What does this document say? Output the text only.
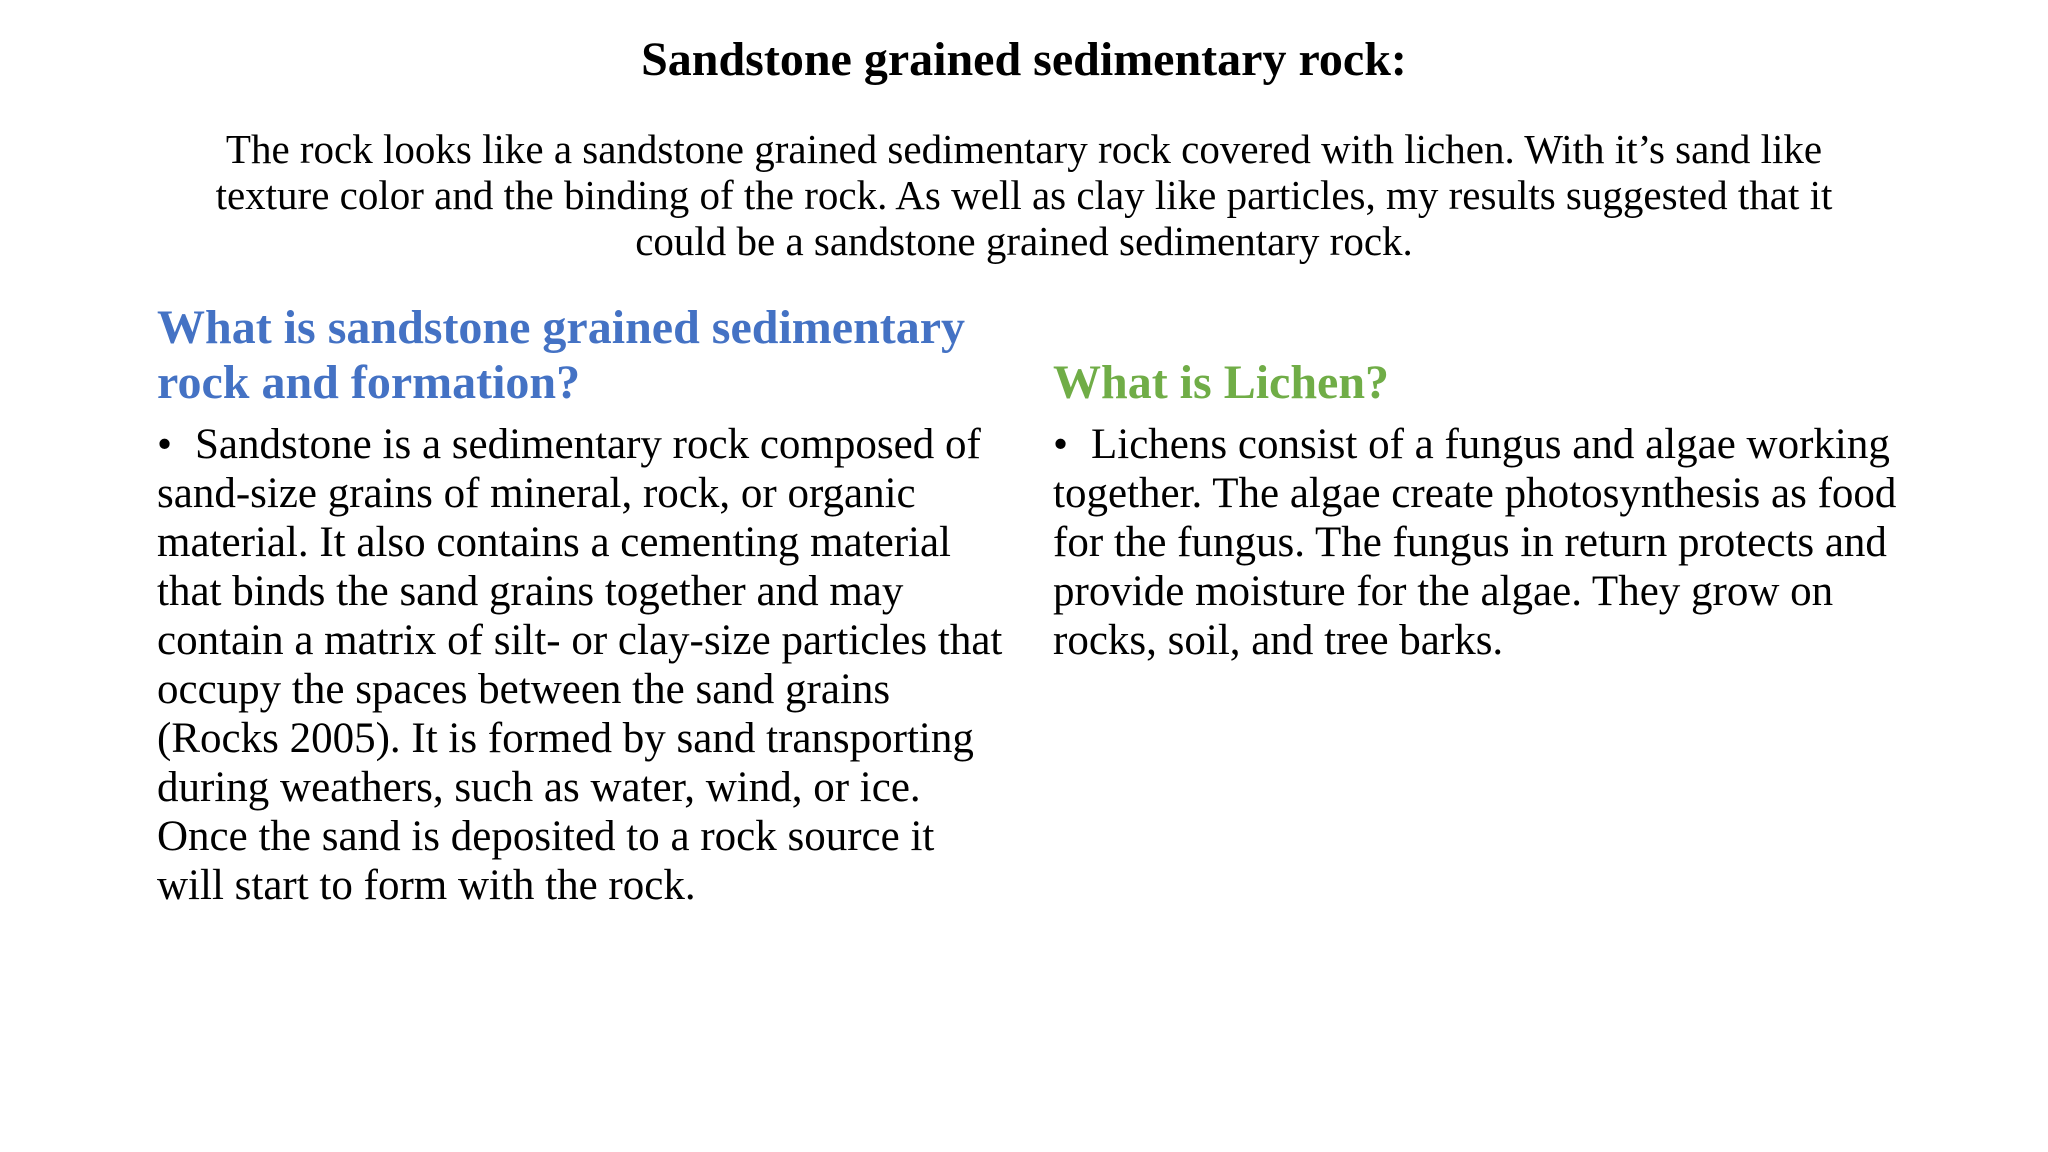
Sandstone grained sedimentary rock:

The rock looks like a sandstone grained sedimentary rock covered with lichen. With it’s sand like texture color and the binding of the rock. As well as clay like particles, my results suggested that it could be a sandstone grained sedimentary rock.

What is sandstone grained sedimentary rock and formation?

• Sandstone is a sedimentary rock composed of sand-size grains of mineral, rock, or organic material. It also contains a cementing material that binds the sand grains together and may contain a matrix of silt- or clay-size particles that occupy the spaces between the sand grains (Rocks 2005). It is formed by sand transporting during weathers, such as water, wind, or ice. Once the sand is deposited to a rock source it will start to form with the rock.

What is Lichen?

• Lichens consist of a fungus and algae working together. The algae create photosynthesis as food for the fungus. The fungus in return protects and provide moisture for the algae. They grow on rocks, soil, and tree barks.
